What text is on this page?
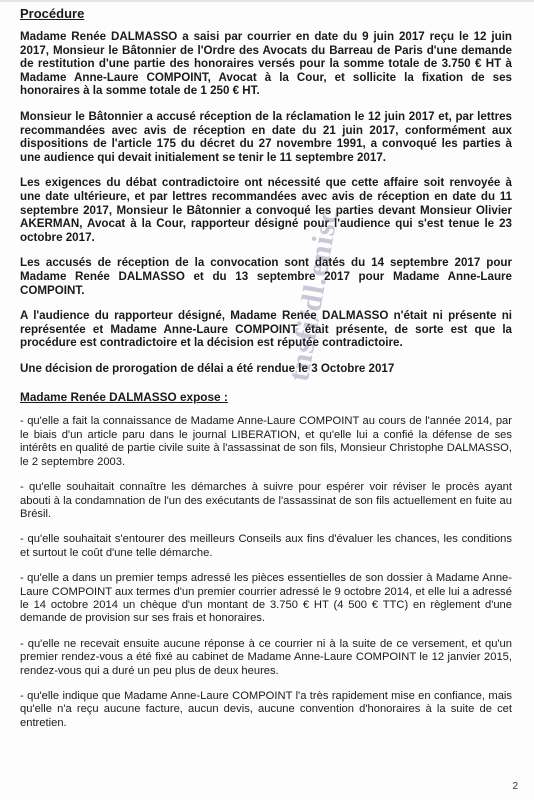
Procédure

Madame Renée DALMASSO a saisi par courrier en date du 9 juin 2017 reçu le 12 juin 2017, Monsieur le Bâtonnier de l'Ordre des Avocats du Barreau de Paris d'une demande de restitution d'une partie des honoraires versés pour la somme totale de 3.750 € HT à Madame Anne-Laure COMPOINT, Avocat à la Cour, et sollicite la fixation de ses honoraires à la somme totale de 1 250 € HT.

Monsieur le Bâtonnier a accusé réception de la réclamation le 12 juin 2017 et, par lettres recommandées avec avis de réception en date du 21 juin 2017, conformément aux dispositions de l'article 175 du décret du 27 novembre 1991, a convoqué les parties à une audience qui devait initialement se tenir le 11 septembre 2017.

Les exigences du débat contradictoire ont nécessité que cette affaire soit renvoyée à une date ultérieure, et par lettres recommandées avec avis de réception en date du 11 septembre 2017, Monsieur le Bâtonnier a convoqué les parties devant Monsieur Olivier AKERMAN, Avocat à la Cour, rapporteur désigné pour l'audience qui s'est tenue le 23 octobre 2017.

Les accusés de réception de la convocation sont datés du 14 septembre 2017 pour Madame Renée DALMASSO et du 13 septembre 2017 pour Madame Anne-Laure COMPOINT.

A l'audience du rapporteur désigné, Madame Renée DALMASSO n'était ni présente ni représentée et Madame Anne-Laure COMPOINT était présente, de sorte est que la procédure est contradictoire et la décision est réputée contradictoire.

Une décision de prorogation de délai a été rendue le 3 Octobre 2017

Madame Renée DALMASSO expose :

- qu'elle a fait la connaissance de Madame Anne-Laure COMPOINT au cours de l'année 2014, par le biais d'un article paru dans le journal LIBERATION, et qu'elle lui a confié la défense de ses intérêts en qualité de partie civile suite à l'assassinat de son fils, Monsieur Christophe DALMASSO, le 2 septembre 2003.

- qu'elle souhaitait connaître les démarches à suivre pour espérer voir réviser le procès ayant abouti à la condamnation de l'un des exécutants de l'assassinat de son fils actuellement en fuite au Brésil.

- qu'elle souhaitait s'entourer des meilleurs Conseils aux fins d'évaluer les chances, les conditions et surtout le coût d'une telle démarche.

- qu'elle a dans un premier temps adressé les pièces essentielles de son dossier à Madame Anne-Laure COMPOINT aux termes d'un premier courrier adressé le 9 octobre 2014, et elle lui a adressé le 14 octobre 2014 un chèque d'un montant de 3.750 € HT (4 500 € TTC) en règlement d'une demande de provision sur ses frais et honoraires.

- qu'elle ne recevait ensuite aucune réponse à ce courrier ni à la suite de ce versement, et qu'un premier rendez-vous a été fixé au cabinet de Madame Anne-Laure COMPOINT le 12 janvier 2015, rendez-vous qui a duré un peu plus de deux heures.

- qu'elle indique que Madame Anne-Laure COMPOINT l'a très rapidement mise en confiance, mais qu'elle n'a reçu aucune facture, aucun devis, aucune convention d'honoraires à la suite de cet entretien.

tnsfi/dl.enisc
2
